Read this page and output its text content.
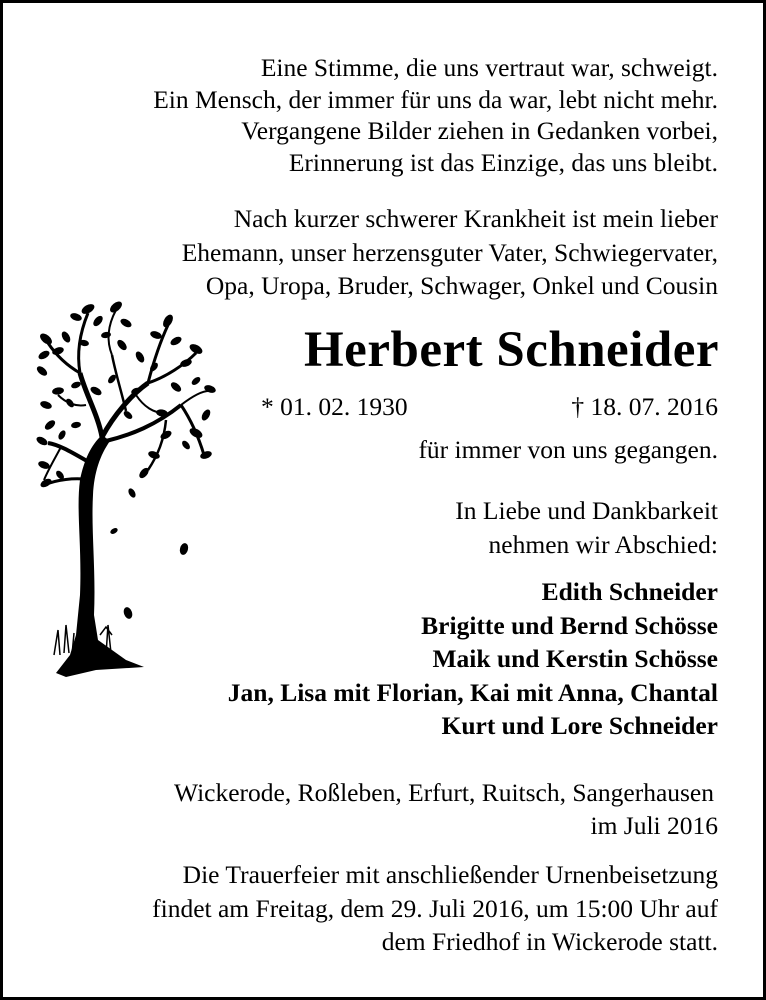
Eine Stimme, die uns vertraut war, schweigt.
Ein Mensch, der immer für uns da war, lebt nicht mehr.
Vergangene Bilder ziehen in Gedanken vorbei,
Erinnerung ist das Einzige, das uns bleibt.
Nach kurzer schwerer Krankheit ist mein lieber
Ehemann, unser herzensguter Vater, Schwiegervater,
Opa, Uropa, Bruder, Schwager, Onkel und Cousin
Herbert Schneider
* 01. 02. 1930	† 18. 07. 2016
für immer von uns gegangen.
In Liebe und Dankbarkeit
nehmen wir Abschied:
Edith Schneider
Brigitte und Bernd Schösse
Maik und Kerstin Schösse
Jan, Lisa mit Florian, Kai mit Anna, Chantal
Kurt und Lore Schneider
Wickerode, Roßleben, Erfurt, Ruitsch, Sangerhausen
im Juli 2016
Die Trauerfeier mit anschließender Urnenbeisetzung
findet am Freitag, dem 29. Juli 2016, um 15:00 Uhr auf
dem Friedhof in Wickerode statt.
